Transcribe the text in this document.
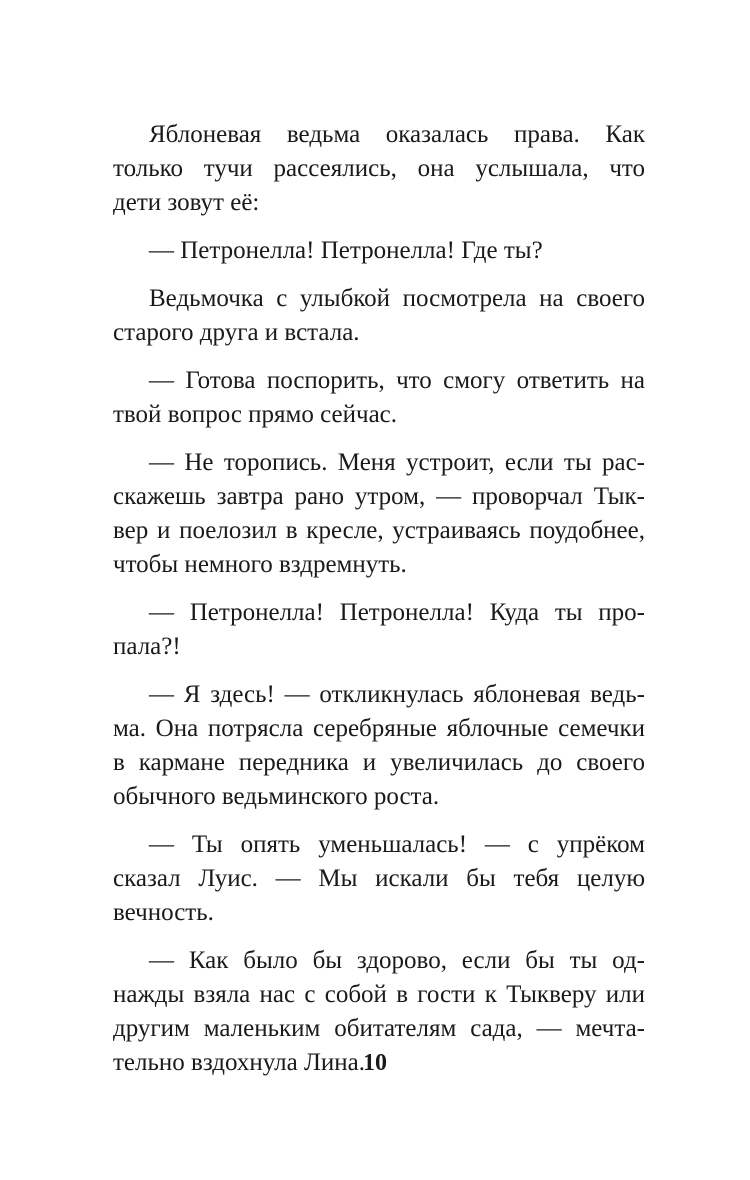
Яблоневая ведьма оказалась права. Как
только тучи рассеялись, она услышала, что
дети зовут её:

— Петронелла! Петронелла! Где ты?

Ведьмочка с улыбкой посмотрела на своего
старого друга и встала.

— Готова поспорить, что смогу ответить на
твой вопрос прямо сейчас.

— Не торопись. Меня устроит, если ты рас-
скажешь завтра рано утром, — проворчал Тык-
вер и поелозил в кресле, устраиваясь поудобнее,
чтобы немного вздремнуть.

— Петронелла! Петронелла! Куда ты про-
пала?!

— Я здесь! — откликнулась яблоневая ведь-
ма. Она потрясла серебряные яблочные семечки
в кармане передника и увеличилась до своего
обычного ведьминского роста.

— Ты опять уменьшалась! — с упрёком
сказал Луис. — Мы искали бы тебя целую
вечность.

— Как было бы здорово, если бы ты од-
нажды взяла нас с собой в гости к Тыкверу или
другим маленьким обитателям сада, — мечта-
тельно вздохнула Лина.

10
